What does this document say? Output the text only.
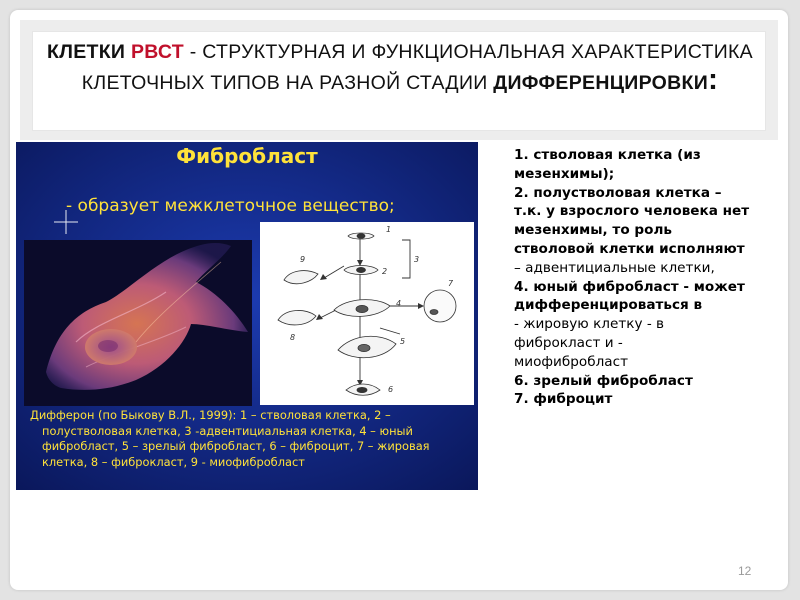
КЛЕТКИ РВСТ - СТРУКТУРНАЯ И ФУНКЦИОНАЛЬНАЯ ХАРАКТЕРИСТИКА КЛЕТОЧНЫХ ТИПОВ НА РАЗНОЙ СТАДИИ ДИФФЕРЕНЦИРОВКИ:
Фибробласт
- образует межклеточное вещество;
1
2
3
4
5
6
7
8
9
Дифферон (по Быкову В.Л., 1999): 1 – стволовая клетка, 2 –
полустволовая клетка, 3 -адвентициальная клетка, 4 – юный
фибробласт, 5 – зрелый фибробласт, 6 – фиброцит, 7 – жировая
клетка, 8 – фиброкласт, 9 - миофибробласт
1. стволовая клетка (из
мезенхимы);
2. полустволовая клетка –
т.к. у взрослого человека нет
мезенхимы, то роль
стволовой клетки исполняют
– адвентициальные клетки,
4. юный фибробласт - может
дифференцироваться в
- жировую клетку - в
фиброкласт и -
миофибробласт
6. зрелый фибробласт
7. фиброцит
12
